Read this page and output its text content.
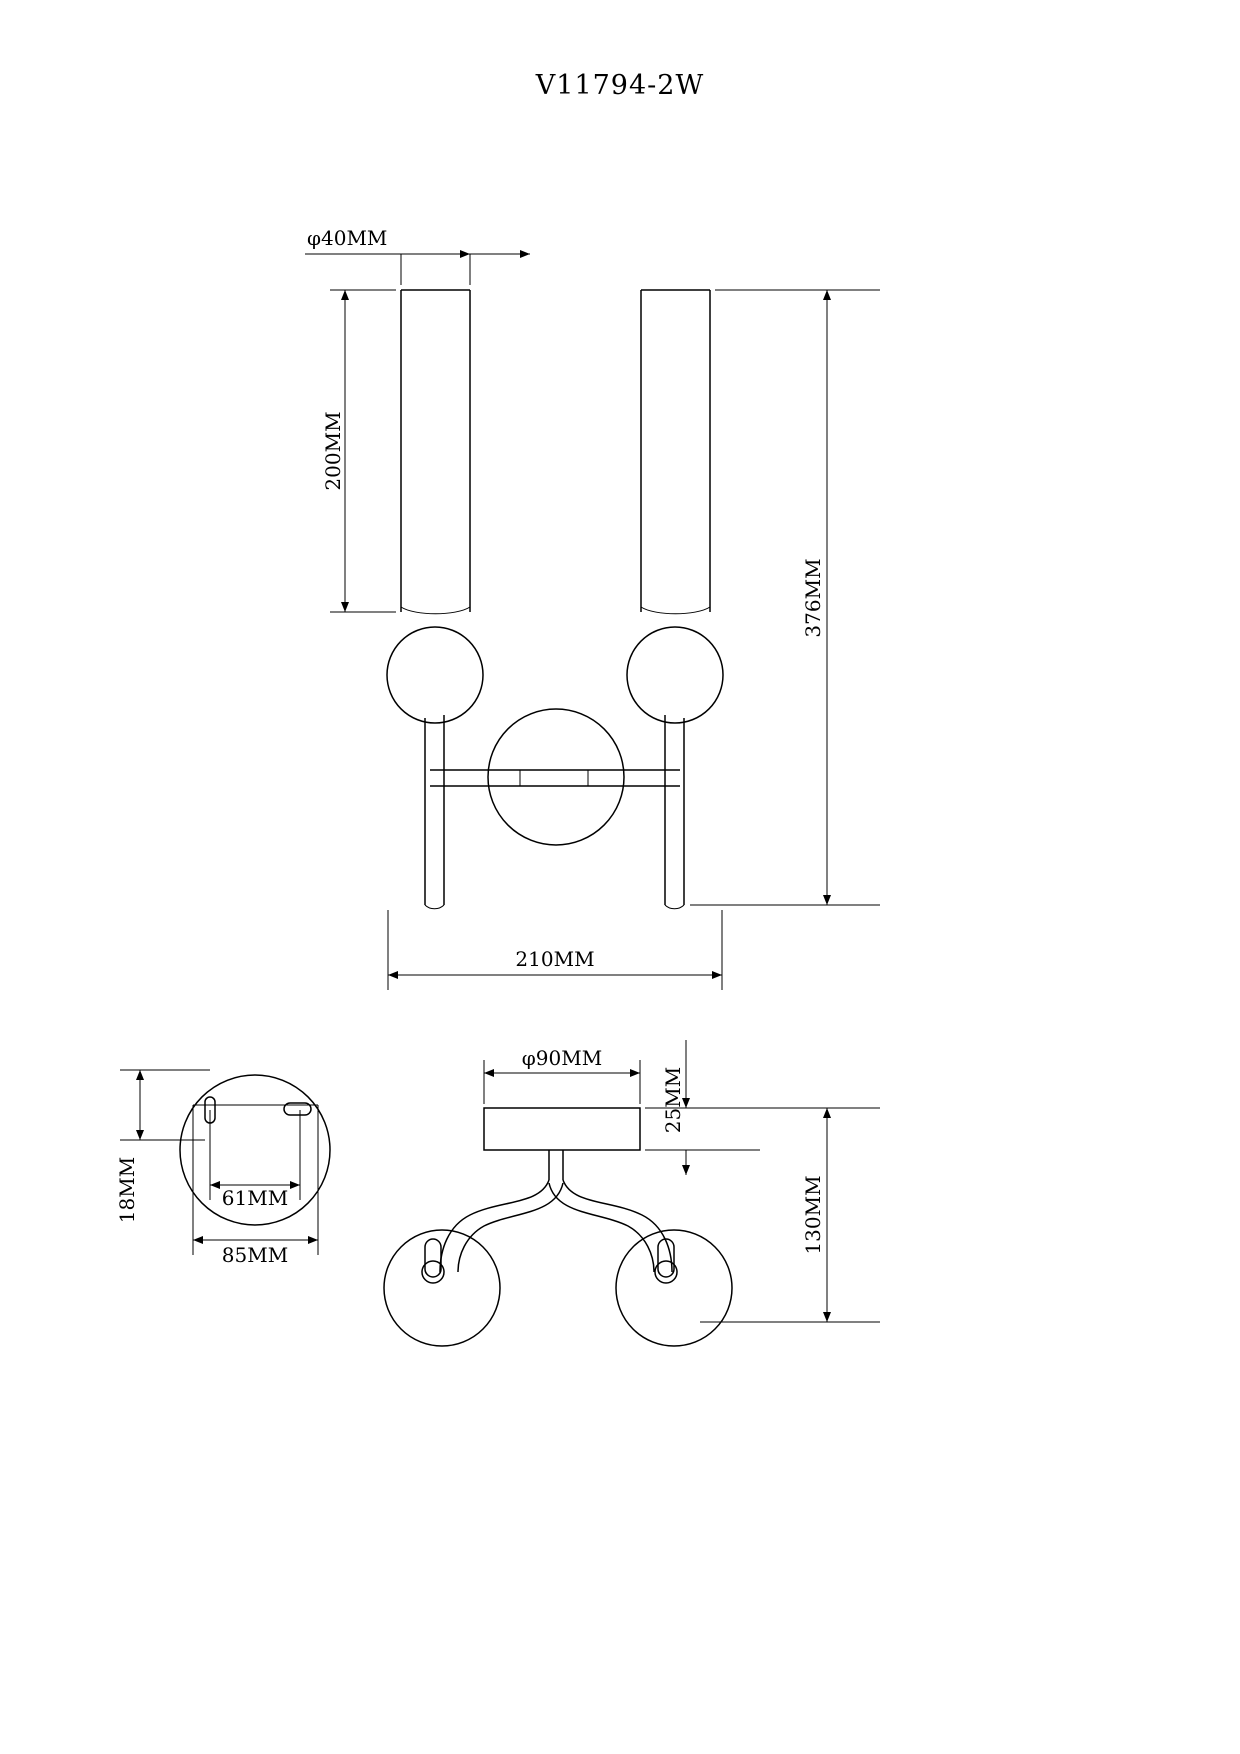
V11794-2W
φ40MM
200MM
376MM
210MM
18MM	61MM
85MM
φ90MM
25MM
130MM
